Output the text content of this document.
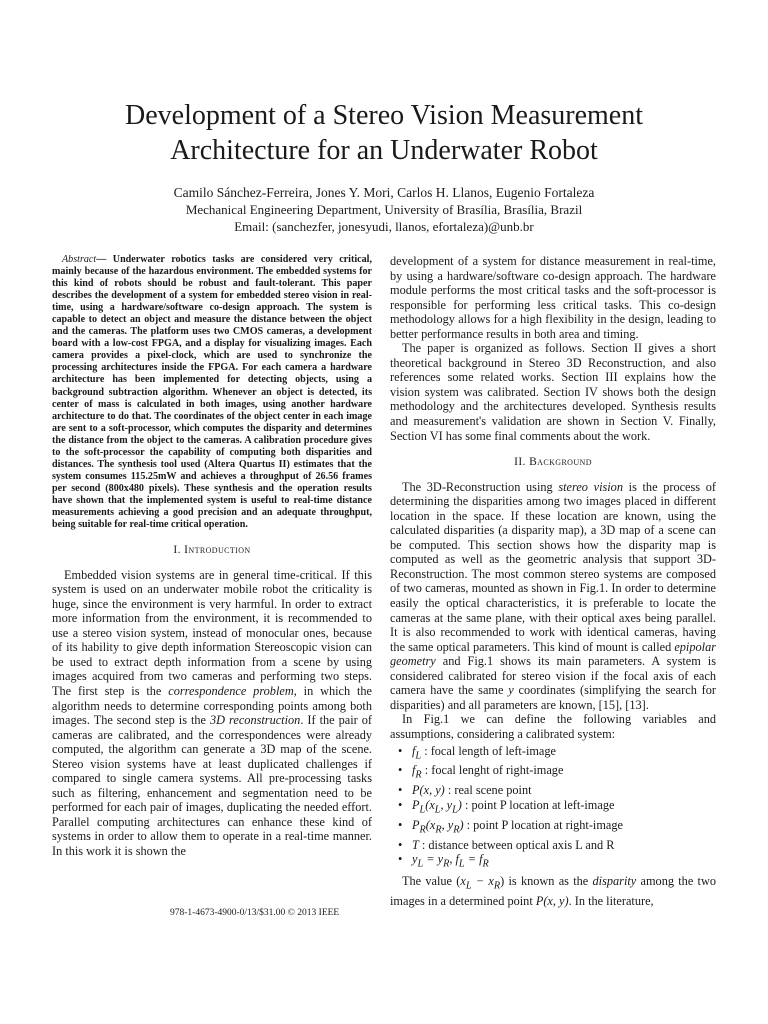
Development of a Stereo Vision Measurement
Architecture for an Underwater Robot
Camilo Sánchez-Ferreira, Jones Y. Mori, Carlos H. Llanos, Eugenio Fortaleza
Mechanical Engineering Department, University of Brasília, Brasília, Brazil
Email: (sanchezfer, jonesyudi, llanos, efortaleza)@unb.br

Abstract— Underwater robotics tasks are considered very critical, mainly because of the hazardous environment. The embedded systems for this kind of robots should be robust and fault-tolerant. This paper describes the development of a system for embedded stereo vision in real-time, using a hardware/software co-design approach. The system is capable to detect an object and measure the distance between the object and the cameras. The platform uses two CMOS cameras, a development board with a low-cost FPGA, and a display for visualizing images. Each camera provides a pixel-clock, which are used to synchronize the processing architectures inside the FPGA. For each camera a hardware architecture has been implemented for detecting objects, using a background subtraction algorithm. Whenever an object is detected, its center of mass is calculated in both images, using another hardware architecture to do that. The coordinates of the object center in each image are sent to a soft-processor, which computes the disparity and determines the distance from the object to the cameras. A calibration procedure gives to the soft-processor the capability of computing both disparities and distances. The synthesis tool used (Altera Quartus II) estimates that the system consumes 115.25mW and achieves a throughput of 26.56 frames per second (800x480 pixels). These synthesis and the operation results have shown that the implemented system is useful to real-time distance measurements achieving a good precision and an adequate throughput, being suitable for real-time critical operation.

I. Introduction

Embedded vision systems are in general time-critical. If this system is used on an underwater mobile robot the criticality is huge, since the environment is very harmful. In order to extract more information from the environment, it is recommended to use a stereo vision system, instead of monocular ones, because of its hability to give depth information Stereoscopic vision can be used to extract depth information from a scene by using images acquired from two cameras and performing two steps. The first step is the correspondence problem, in which the algorithm needs to determine corresponding points among both images. The second step is the 3D reconstruction. If the pair of cameras are calibrated, and the correspondences were already computed, the algorithm can generate a 3D map of the scene. Stereo vision systems have at least duplicated challenges if compared to single camera systems. All pre-processing tasks such as filtering, enhancement and segmentation need to be performed for each pair of images, duplicating the needed effort. Parallel computing architectures can enhance these kind of systems in order to allow them to operate in a real-time manner. In this work it is shown the

development of a system for distance measurement in real-time, by using a hardware/software co-design approach. The hardware module performs the most critical tasks and the soft-processor is responsible for performing less critical tasks. This co-design methodology allows for a high flexibility in the design, leading to better performance results in both area and timing.

The paper is organized as follows. Section II gives a short theoretical background in Stereo 3D Reconstruction, and also references some related works. Section III explains how the vision system was calibrated. Section IV shows both the design methodology and the architectures developed. Synthesis results and measurement's validation are shown in Section V. Finally, Section VI has some final comments about the work.

II. Background

The 3D-Reconstruction using stereo vision is the process of determining the disparities among two images placed in different location in the space. If these location are known, using the calculated disparities (a disparity map), a 3D map of a scene can be computed. This section shows how the disparity map is computed as well as the geometric analysis that support 3D-Reconstruction. The most common stereo systems are composed of two cameras, mounted as shown in Fig.1. In order to determine easily the optical characteristics, it is preferable to locate the cameras at the same plane, with their optical axes being parallel. It is also recommended to work with identical cameras, having the same optical parameters. This kind of mount is called epipolar geometry and Fig.1 shows its main parameters. A system is considered calibrated for stereo vision if the focal axis of each camera have the same y coordinates (simplifying the search for disparities) and all parameters are known, [15], [13].

In Fig.1 we can define the following variables and assumptions, considering a calibrated system:

• $f_L$ : focal length of left-image
• $f_R$ : focal lenght of right-image
• P(x, y) : real scene point
• $P_L(x_L$, $y_L$) : point P location at left-image
• $P_R(x_R$, $y_R$) : point P location at right-image
• T : distance between optical axis L and R
• $y_L = y_R$, $f_L = f_R$

The value $(x_L - x_R)$ is known as the disparity among the two images in a determined point P(x, y). In the literature,

978-1-4673-4900-0/13/$31.00 © 2013 IEEE
